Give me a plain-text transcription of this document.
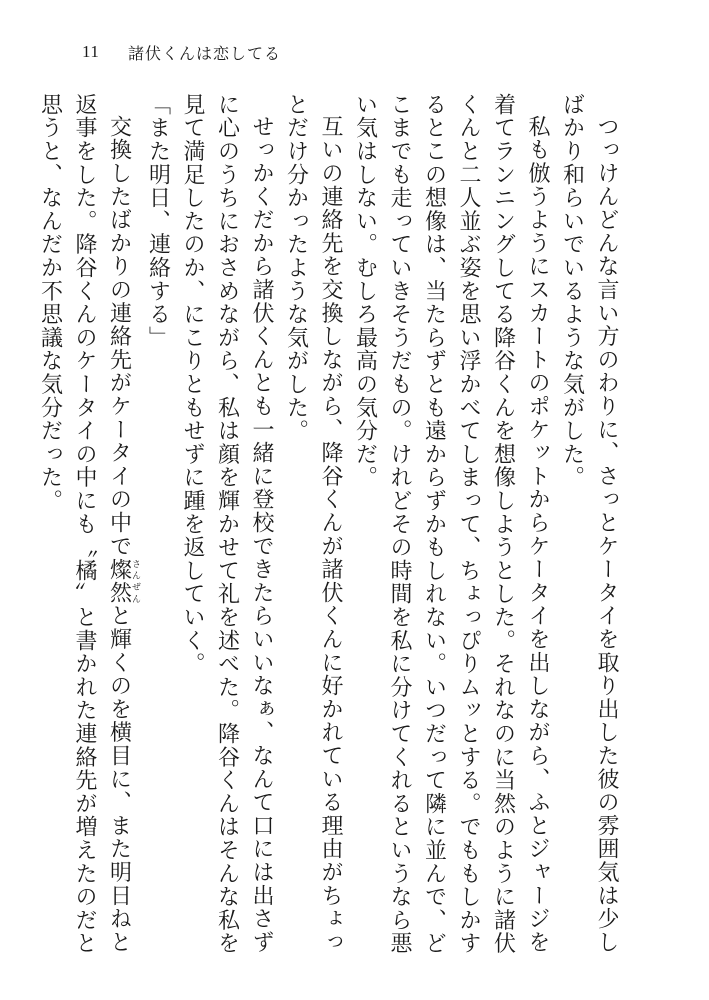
11	諸伏くんは恋してる

つっけんどんな言い方のわりに、さっとケータイを取り出した彼の雰囲気は少しばかり和らいでいるような気がした。

私も倣うようにスカートのポケットからケータイを出しながら、ふとジャージを着てランニングしてる降谷くんを想像しようとした。それなのに当然のように諸伏くんと二人並ぶ姿を思い浮かべてしまって、ちょっぴりムッとする。でももしかするとこの想像は、当たらずとも遠からずかもしれない。いつだって隣に並んで、どこまでも走っていきそうだもの。けれどその時間を私に分けてくれるというなら悪い気はしない。むしろ最高の気分だ。

互いの連絡先を交換しながら、降谷くんが諸伏くんに好かれている理由がちょっとだけ分かったような気がした。

せっかくだから諸伏くんとも一緒に登校できたらいいなぁ、なんて口には出さずに心のうちにおさめながら、私は顔を輝かせて礼を述べた。降谷くんはそんな私を見て満足したのか、にこりともせずに踵を返していく。

「また明日、連絡する」

交換したばかりの連絡先がケータイの中で燦然さんぜんと輝くのを横目に、また明日ねと返事をした。降谷くんのケータイの中にも〝橘〟と書かれた連絡先が増えたのだと思うと、なんだか不思議な気分だった。
